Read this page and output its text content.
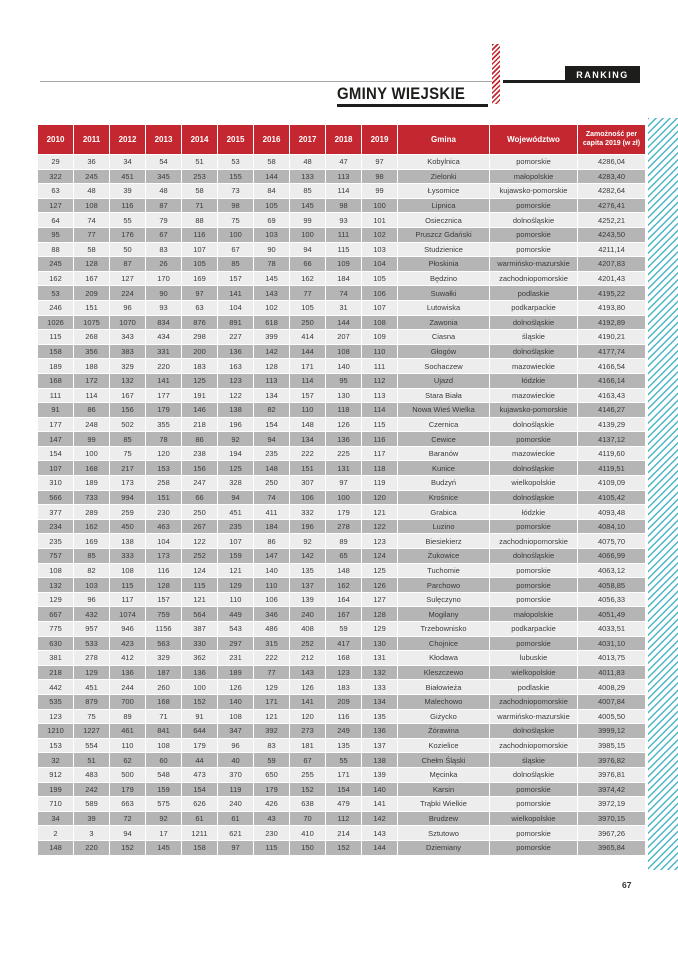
RANKING
GMINY WIEJSKIE
2010	2011	2012	2013	2014	2015	2016	2017	2018	2019	Gmina	Województwo	Zamożność per
capita 2019 (w zł)
29	36	34	54	51	53	58	48	47	97	Kobylnica	pomorskie	4286,04
322	245	451	345	253	155	144	133	113	98	Zielonki	małopolskie	4283,40
63	48	39	48	58	73	84	85	114	99	Łysomice	kujawsko-pomorskie	4282,64
127	108	116	87	71	98	105	145	98	100	Lipnica	pomorskie	4276,41
64	74	55	79	88	75	69	99	93	101	Osiecznica	dolnośląskie	4252,21
95	77	176	67	116	100	103	100	111	102	Pruszcz Gdański	pomorskie	4243,50
88	58	50	83	107	67	90	94	115	103	Studzienice	pomorskie	4211,14
245	128	87	26	105	85	78	66	109	104	Płoskinia	warmińsko-mazurskie	4207,83
162	167	127	170	169	157	145	162	184	105	Będzino	zachodniopomorskie	4201,43
53	209	224	90	97	141	143	77	74	106	Suwałki	podlaskie	4195,22
246	151	96	93	63	104	102	105	31	107	Lutowiska	podkarpackie	4193,80
1026	1075	1070	834	876	891	618	250	144	108	Zawonia	dolnośląskie	4192,89
115	268	343	434	298	227	399	414	207	109	Ciasna	śląskie	4190,21
158	356	383	331	200	136	142	144	108	110	Głogów	dolnośląskie	4177,74
189	188	329	220	183	163	128	171	140	111	Sochaczew	mazowieckie	4166,54
168	172	132	141	125	123	113	114	95	112	Ujazd	łódzkie	4166,14
111	114	167	177	191	122	134	157	130	113	Stara Biała	mazowieckie	4163,43
91	86	156	179	146	138	82	110	118	114	Nowa Wieś Wielka	kujawsko-pomorskie	4146,27
177	248	502	355	218	196	154	148	126	115	Czernica	dolnośląskie	4139,29
147	99	85	78	86	92	94	134	136	116	Cewice	pomorskie	4137,12
154	100	75	120	238	194	235	222	225	117	Baranów	mazowieckie	4119,60
107	168	217	153	156	125	148	151	131	118	Kunice	dolnośląskie	4119,51
310	189	173	258	247	328	250	307	97	119	Budzyń	wielkopolskie	4109,09
566	733	994	151	66	94	74	106	100	120	Krośnice	dolnośląskie	4105,42
377	289	259	230	250	451	411	332	179	121	Grabica	łódzkie	4093,48
234	162	450	463	267	235	184	196	278	122	Luzino	pomorskie	4084,10
235	169	138	104	122	107	86	92	89	123	Biesiekierz	zachodniopomorskie	4075,70
757	85	333	173	252	159	147	142	65	124	Żukowice	dolnośląskie	4066,99
108	82	108	116	124	121	140	135	148	125	Tuchomie	pomorskie	4063,12
132	103	115	128	115	129	110	137	162	126	Parchowo	pomorskie	4058,85
129	96	117	157	121	110	106	139	164	127	Sulęczyno	pomorskie	4056,33
667	432	1074	759	564	449	346	240	167	128	Mogilany	małopolskie	4051,49
775	957	946	1156	387	543	486	408	59	129	Trzebownisko	podkarpackie	4033,51
630	533	423	563	330	297	315	252	417	130	Chojnice	pomorskie	4031,10
381	278	412	329	362	231	222	212	168	131	Kłodawa	lubuskie	4013,75
218	129	136	187	136	189	77	143	123	132	Kleszczewo	wielkopolskie	4011,83
442	451	244	260	100	126	129	126	183	133	Białowieża	podlaskie	4008,29
535	879	700	168	152	140	171	141	209	134	Malechowo	zachodniopomorskie	4007,84
123	75	89	71	91	108	121	120	116	135	Giżycko	warmińsko-mazurskie	4005,50
1210	1227	461	841	644	347	392	273	249	136	Żórawina	dolnośląskie	3999,12
153	554	110	108	179	96	83	181	135	137	Kozielice	zachodniopomorskie	3985,15
32	51	62	60	44	40	59	67	55	138	Chełm Śląski	śląskie	3976,82
912	483	500	548	473	370	650	255	171	139	Męcinka	dolnośląskie	3976,81
199	242	179	159	154	119	179	152	154	140	Karsin	pomorskie	3974,42
710	589	663	575	626	240	426	638	479	141	Trąbki Wielkie	pomorskie	3972,19
34	39	72	92	61	61	43	70	112	142	Brudzew	wielkopolskie	3970,15
2	3	94	17	1211	621	230	410	214	143	Sztutowo	pomorskie	3967,26
148	220	152	145	158	97	115	150	152	144	Dziemiany	pomorskie	3965,84
67
